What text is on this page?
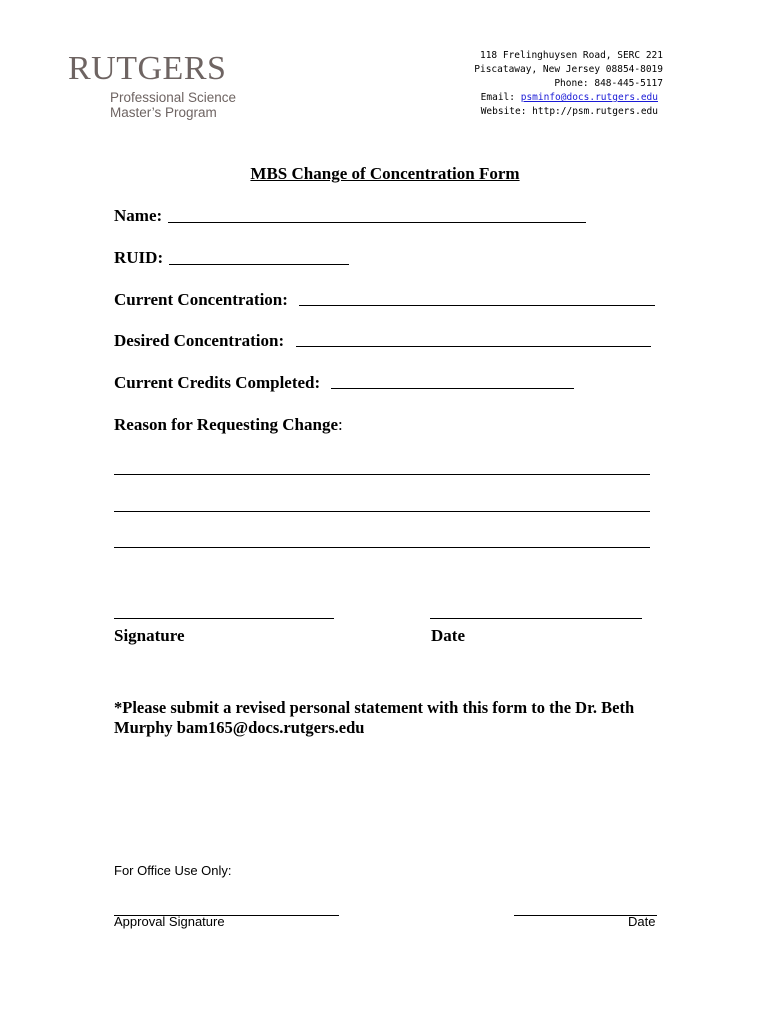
RUTGERS
Professional Science
Master’s Program
118 Frelinghuysen Road, SERC 221
Piscataway, New Jersey 08854-8019
Phone: 848-445-5117
Email: psminfo@docs.rutgers.edu
Website: http://psm.rutgers.edu
MBS Change of Concentration Form
Name:
RUID:
Current Concentration:
Desired Concentration:
Current Credits Completed:
Reason for Requesting Change:
Signature	Date
*Please submit a revised personal statement with this form to the Dr. Beth Murphy bam165@docs.rutgers.edu
For Office Use Only:
Approval Signature	Date
